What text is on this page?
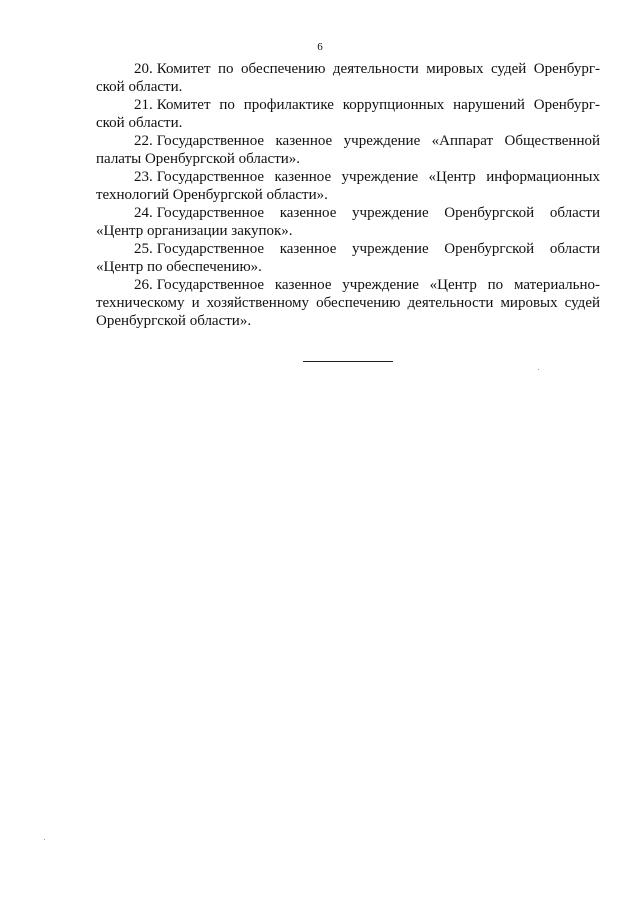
6

20. Комитет по обеспечению деятельности мировых судей Оренбург-
ской области.

21. Комитет по профилактике коррупционных нарушений Оренбург-
ской области.

22. Государственное казенное учреждение «Аппарат Общественной
палаты Оренбургской области».

23. Государственное казенное учреждение «Центр информационных
технологий Оренбургской области».

24. Государственное казенное учреждение Оренбургской области
«Центр организации закупок».

25. Государственное казенное учреждение Оренбургской области
«Центр по обеспечению».

26. Государственное казенное учреждение «Центр по материально-
техническому и хозяйственному обеспечению деятельности мировых судей
Оренбургской области».
